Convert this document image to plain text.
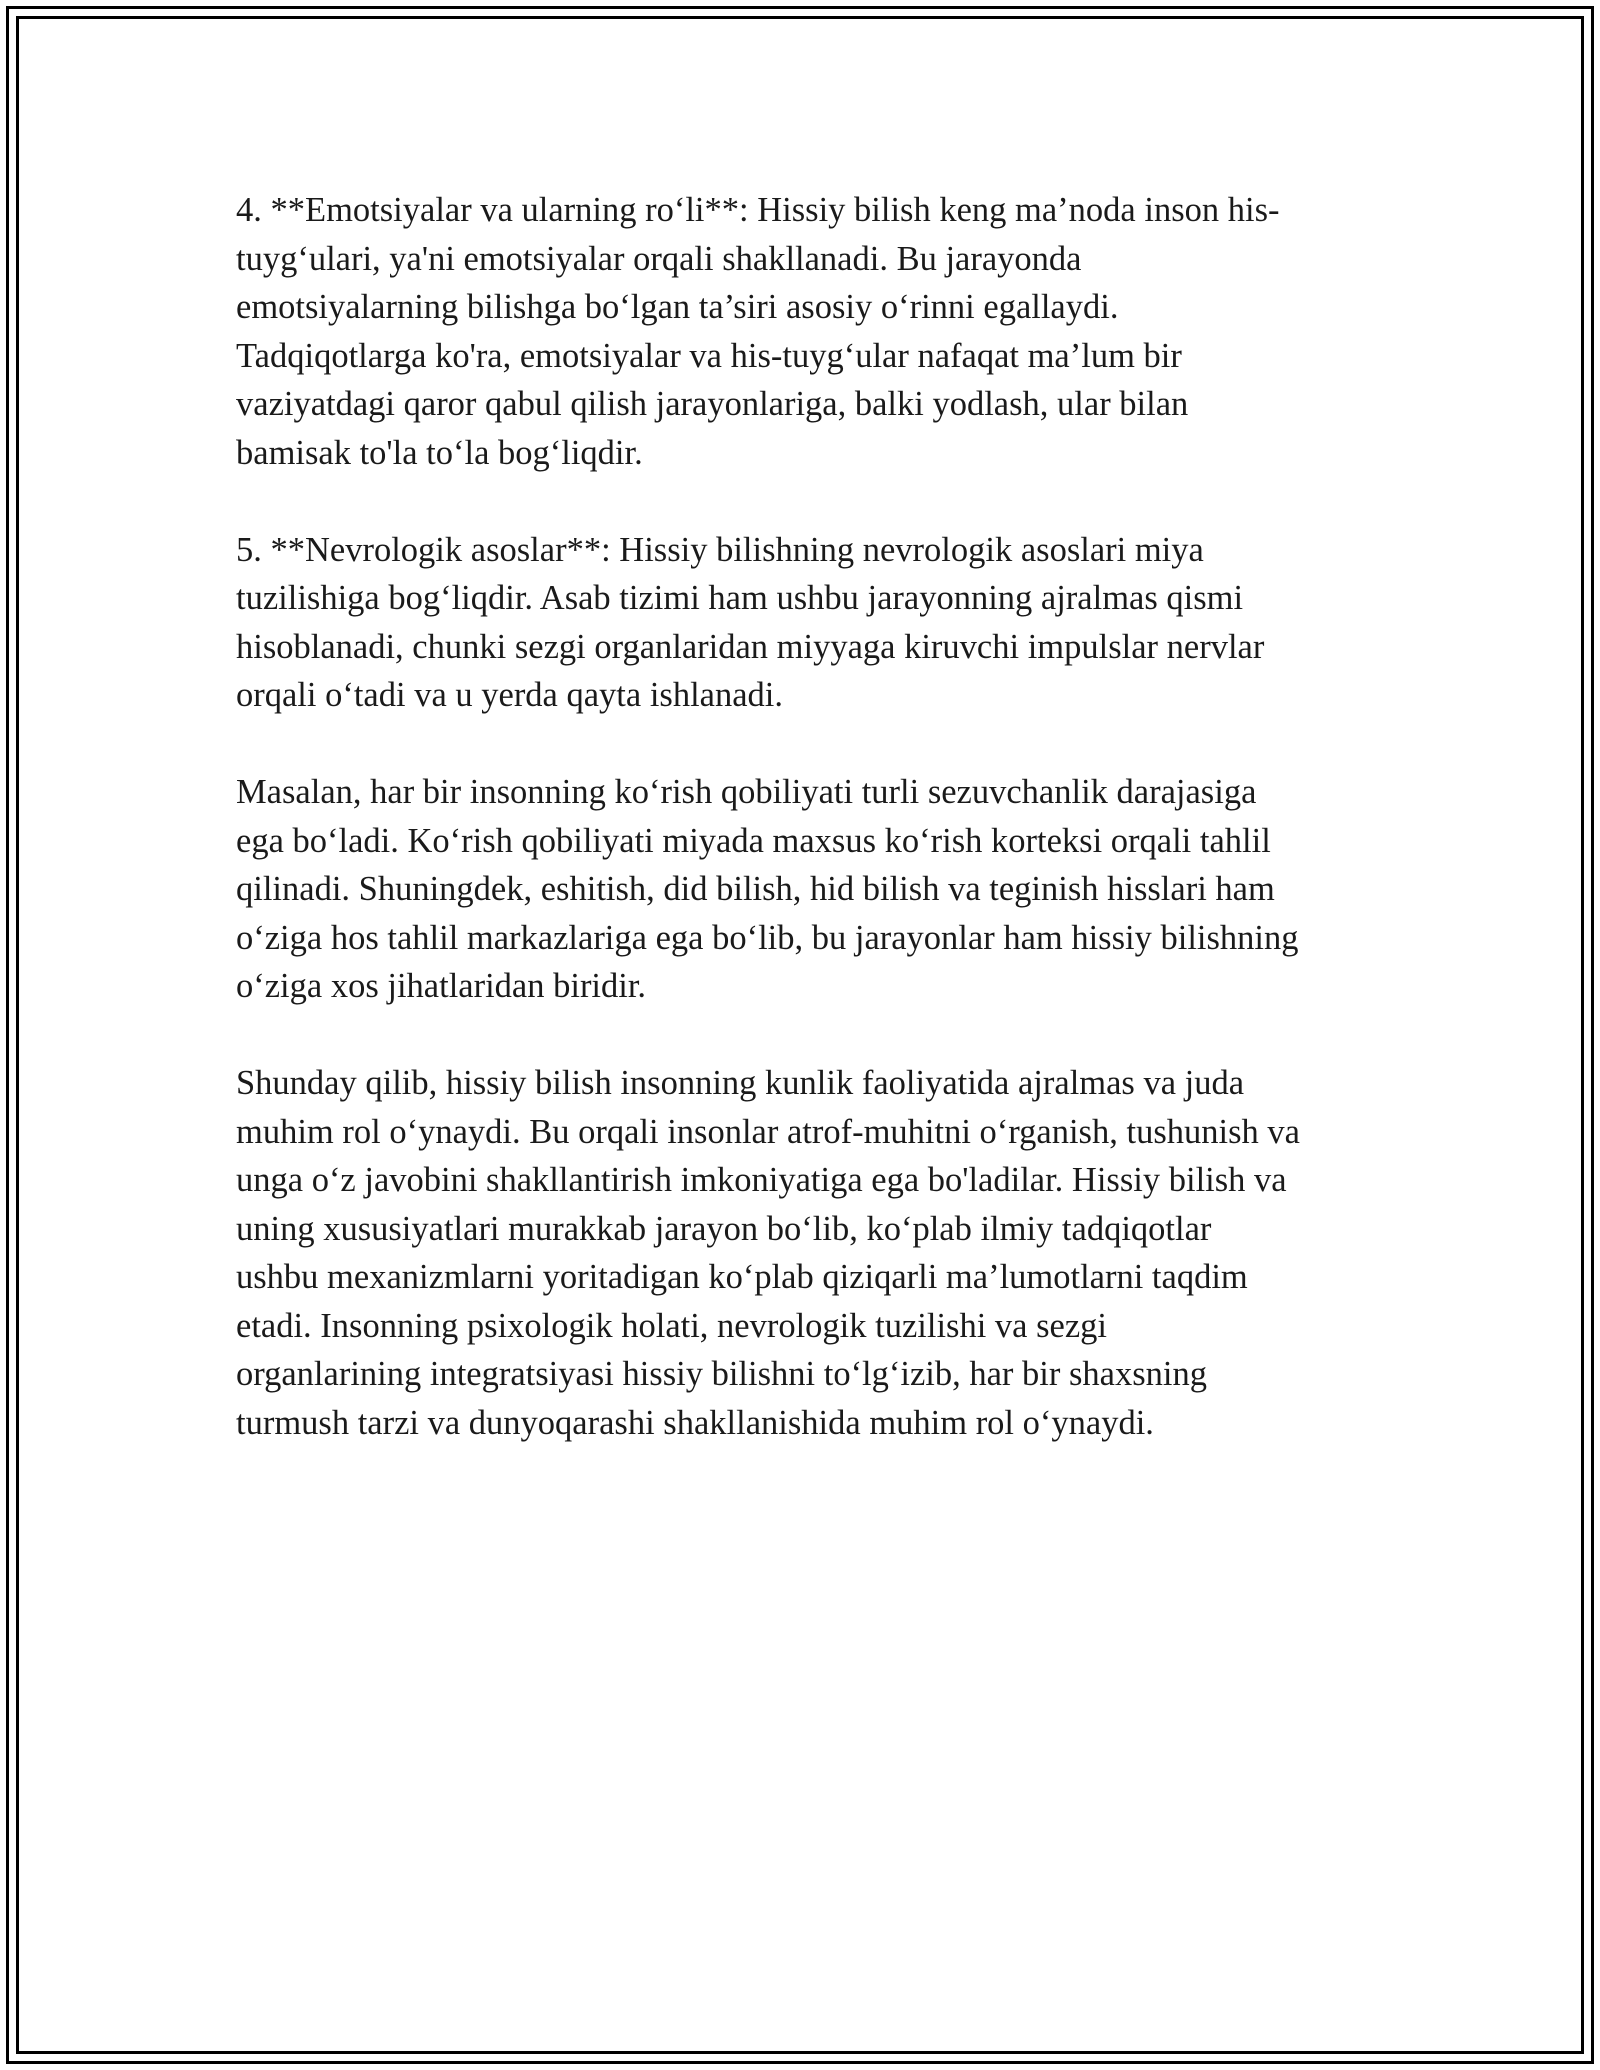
4. **Emotsiyalar va ularning ro‘li**: Hissiy bilish keng ma’noda inson his-
tuyg‘ulari, ya'ni emotsiyalar orqali shakllanadi. Bu jarayonda
emotsiyalarning bilishga bo‘lgan ta’siri asosiy o‘rinni egallaydi.
Tadqiqotlarga ko'ra, emotsiyalar va his-tuyg‘ular nafaqat ma’lum bir
vaziyatdagi qaror qabul qilish jarayonlariga, balki yodlash, ular bilan
bamisak to'la to‘la bog‘liqdir.

5. **Nevrologik asoslar**: Hissiy bilishning nevrologik asoslari miya
tuzilishiga bog‘liqdir. Asab tizimi ham ushbu jarayonning ajralmas qismi
hisoblanadi, chunki sezgi organlaridan miyyaga kiruvchi impulslar nervlar
orqali o‘tadi va u yerda qayta ishlanadi.

Masalan, har bir insonning ko‘rish qobiliyati turli sezuvchanlik darajasiga
ega bo‘ladi. Ko‘rish qobiliyati miyada maxsus ko‘rish korteksi orqali tahlil
qilinadi. Shuningdek, eshitish, did bilish, hid bilish va teginish hisslari ham
o‘ziga hos tahlil markazlariga ega bo‘lib, bu jarayonlar ham hissiy bilishning
o‘ziga xos jihatlaridan biridir.

Shunday qilib, hissiy bilish insonning kunlik faoliyatida ajralmas va juda
muhim rol o‘ynaydi. Bu orqali insonlar atrof-muhitni o‘rganish, tushunish va
unga o‘z javobini shakllantirish imkoniyatiga ega bo'ladilar. Hissiy bilish va
uning xususiyatlari murakkab jarayon bo‘lib, ko‘plab ilmiy tadqiqotlar
ushbu mexanizmlarni yoritadigan ko‘plab qiziqarli ma’lumotlarni taqdim
etadi. Insonning psixologik holati, nevrologik tuzilishi va sezgi
organlarining integratsiyasi hissiy bilishni to‘lg‘izib, har bir shaxsning
turmush tarzi va dunyoqarashi shakllanishida muhim rol o‘ynaydi.
